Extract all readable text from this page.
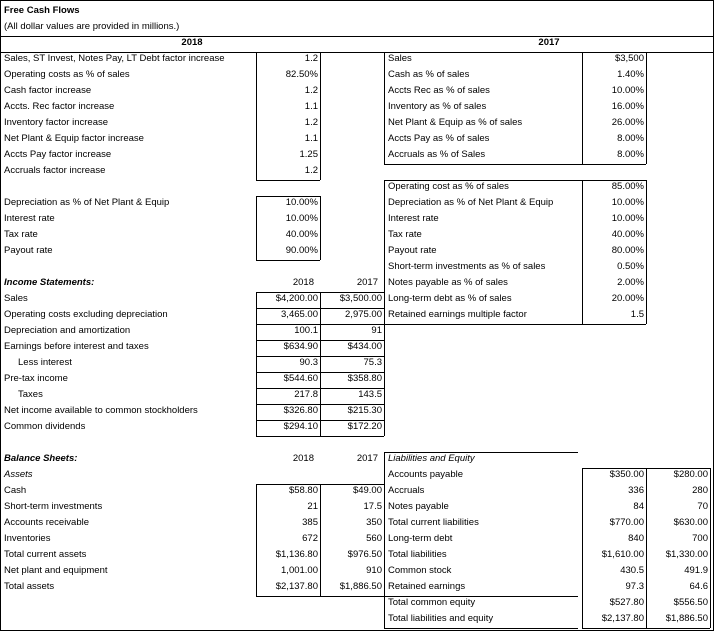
Free Cash Flows
(All dollar values are provided in millions.)
2018	2017
Sales, ST Invest, Notes Pay, LT Debt factor increase	1.2
Operating costs as % of sales	82.50%
Cash factor increase	1.2
Accts. Rec factor increase	1.1
Inventory factor increase	1.2
Net Plant & Equip factor increase	1.1
Accts Pay factor increase	1.25
Accruals factor increase	1.2
Sales	$3,500
Cash as % of sales	1.40%
Accts Rec as % of sales	10.00%
Inventory as % of sales	16.00%
Net Plant & Equip as % of sales	26.00%
Accts Pay as % of sales	8.00%
Accruals as % of Sales	8.00%
Depreciation as % of Net Plant & Equip	10.00%
Interest rate	10.00%
Tax rate	40.00%
Payout rate	90.00%
Operating cost as % of sales	85.00%
Depreciation as % of Net Plant & Equip	10.00%
Interest rate	10.00%
Tax rate	40.00%
Payout rate	80.00%
Short-term investments as % of sales	0.50%
Notes payable as % of sales	2.00%
Long-term debt as % of sales	20.00%
Retained earnings multiple factor	1.5
Income Statements:	2018	2017
Sales	$4,200.00	$3,500.00
Operating costs excluding depreciation	3,465.00	2,975.00
Depreciation and amortization	100.1	91
Earnings before interest and taxes	$634.90	$434.00
Less interest	90.3	75.3
Pre-tax income	$544.60	$358.80
Taxes	217.8	143.5
Net income available to common stockholders	$326.80	$215.30
Common dividends	$294.10	$172.20
Balance Sheets:	2018	2017
Assets
Cash	$58.80	$49.00
Short-term investments	21	17.5
Accounts receivable	385	350
Inventories	672	560
Total current assets	$1,136.80	$976.50
Net plant and equipment	1,001.00	910
Total assets	$2,137.80	$1,886.50
Liabilities and Equity
Accounts payable	$350.00	$280.00
Accruals	336	280
Notes payable	84	70
Total current liabilities	$770.00	$630.00
Long-term debt	840	700
Total liabilities	$1,610.00	$1,330.00
Common stock	430.5	491.9
Retained earnings	97.3	64.6
Total common equity	$527.80	$556.50
Total liabilities and equity	$2,137.80	$1,886.50
